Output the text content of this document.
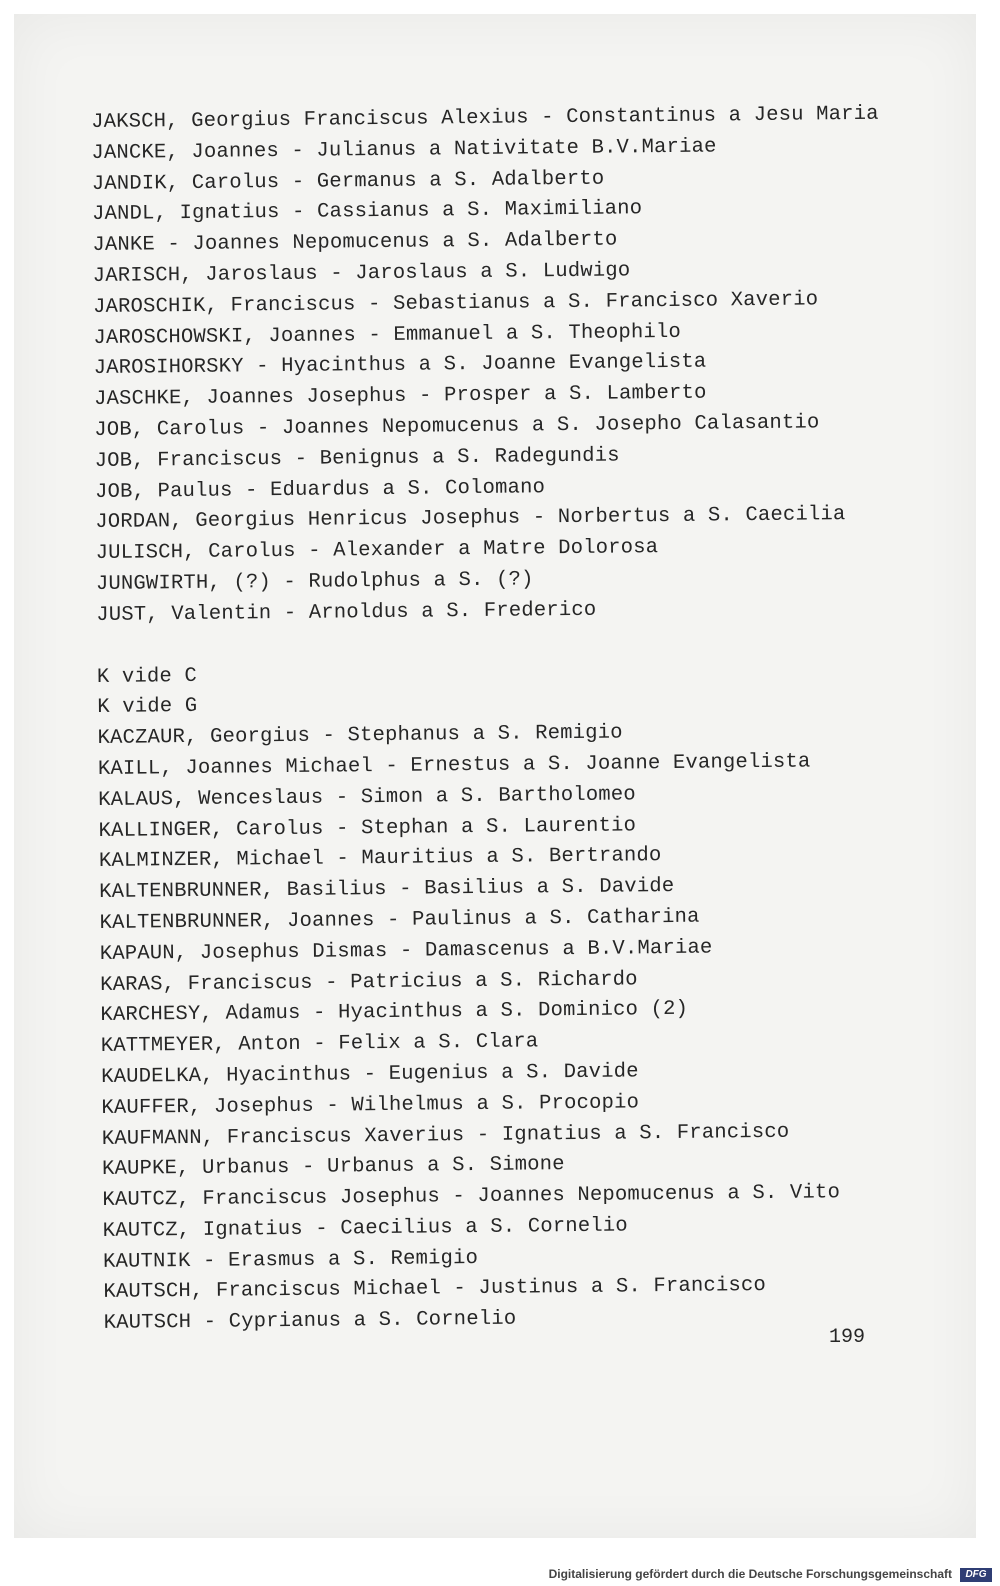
JAKSCH, Georgius Franciscus Alexius - Constantinus a Jesu Maria
JANCKE, Joannes - Julianus a Nativitate B.V.Mariae
JANDIK, Carolus - Germanus a S. Adalberto
JANDL, Ignatius - Cassianus a S. Maximiliano
JANKE - Joannes Nepomucenus a S. Adalberto
JARISCH, Jaroslaus - Jaroslaus a S. Ludwigo
JAROSCHIK, Franciscus - Sebastianus a S. Francisco Xaverio
JAROSCHOWSKI, Joannes - Emmanuel a S. Theophilo
JAROSIHORSKY - Hyacinthus a S. Joanne Evangelista
JASCHKE, Joannes Josephus - Prosper a S. Lamberto
JOB, Carolus - Joannes Nepomucenus a S. Josepho Calasantio
JOB, Franciscus - Benignus a S. Radegundis
JOB, Paulus - Eduardus a S. Colomano
JORDAN, Georgius Henricus Josephus - Norbertus a S. Caecilia
JULISCH, Carolus - Alexander a Matre Dolorosa
JUNGWIRTH, (?) - Rudolphus a S. (?)
JUST, Valentin - Arnoldus a S. Frederico
K vide C
K vide G
KACZAUR, Georgius - Stephanus a S. Remigio
KAILL, Joannes Michael - Ernestus a S. Joanne Evangelista
KALAUS, Wenceslaus - Simon a S. Bartholomeo
KALLINGER, Carolus - Stephan a S. Laurentio
KALMINZER, Michael - Mauritius a S. Bertrando
KALTENBRUNNER, Basilius - Basilius a S. Davide
KALTENBRUNNER, Joannes - Paulinus a S. Catharina
KAPAUN, Josephus Dismas - Damascenus a B.V.Mariae
KARAS, Franciscus - Patricius a S. Richardo
KARCHESY, Adamus - Hyacinthus a S. Dominico (2)
KATTMEYER, Anton - Felix a S. Clara
KAUDELKA, Hyacinthus - Eugenius a S. Davide
KAUFFER, Josephus - Wilhelmus a S. Procopio
KAUFMANN, Franciscus Xaverius - Ignatius a S. Francisco
KAUPKE, Urbanus - Urbanus a S. Simone
KAUTCZ, Franciscus Josephus - Joannes Nepomucenus a S. Vito
KAUTCZ, Ignatius - Caecilius a S. Cornelio
KAUTNIK - Erasmus a S. Remigio
KAUTSCH, Franciscus Michael - Justinus a S. Francisco
KAUTSCH - Cyprianus a S. Cornelio
199
Digitalisierung gefördert durch die Deutsche Forschungsgemeinschaft	DFG
